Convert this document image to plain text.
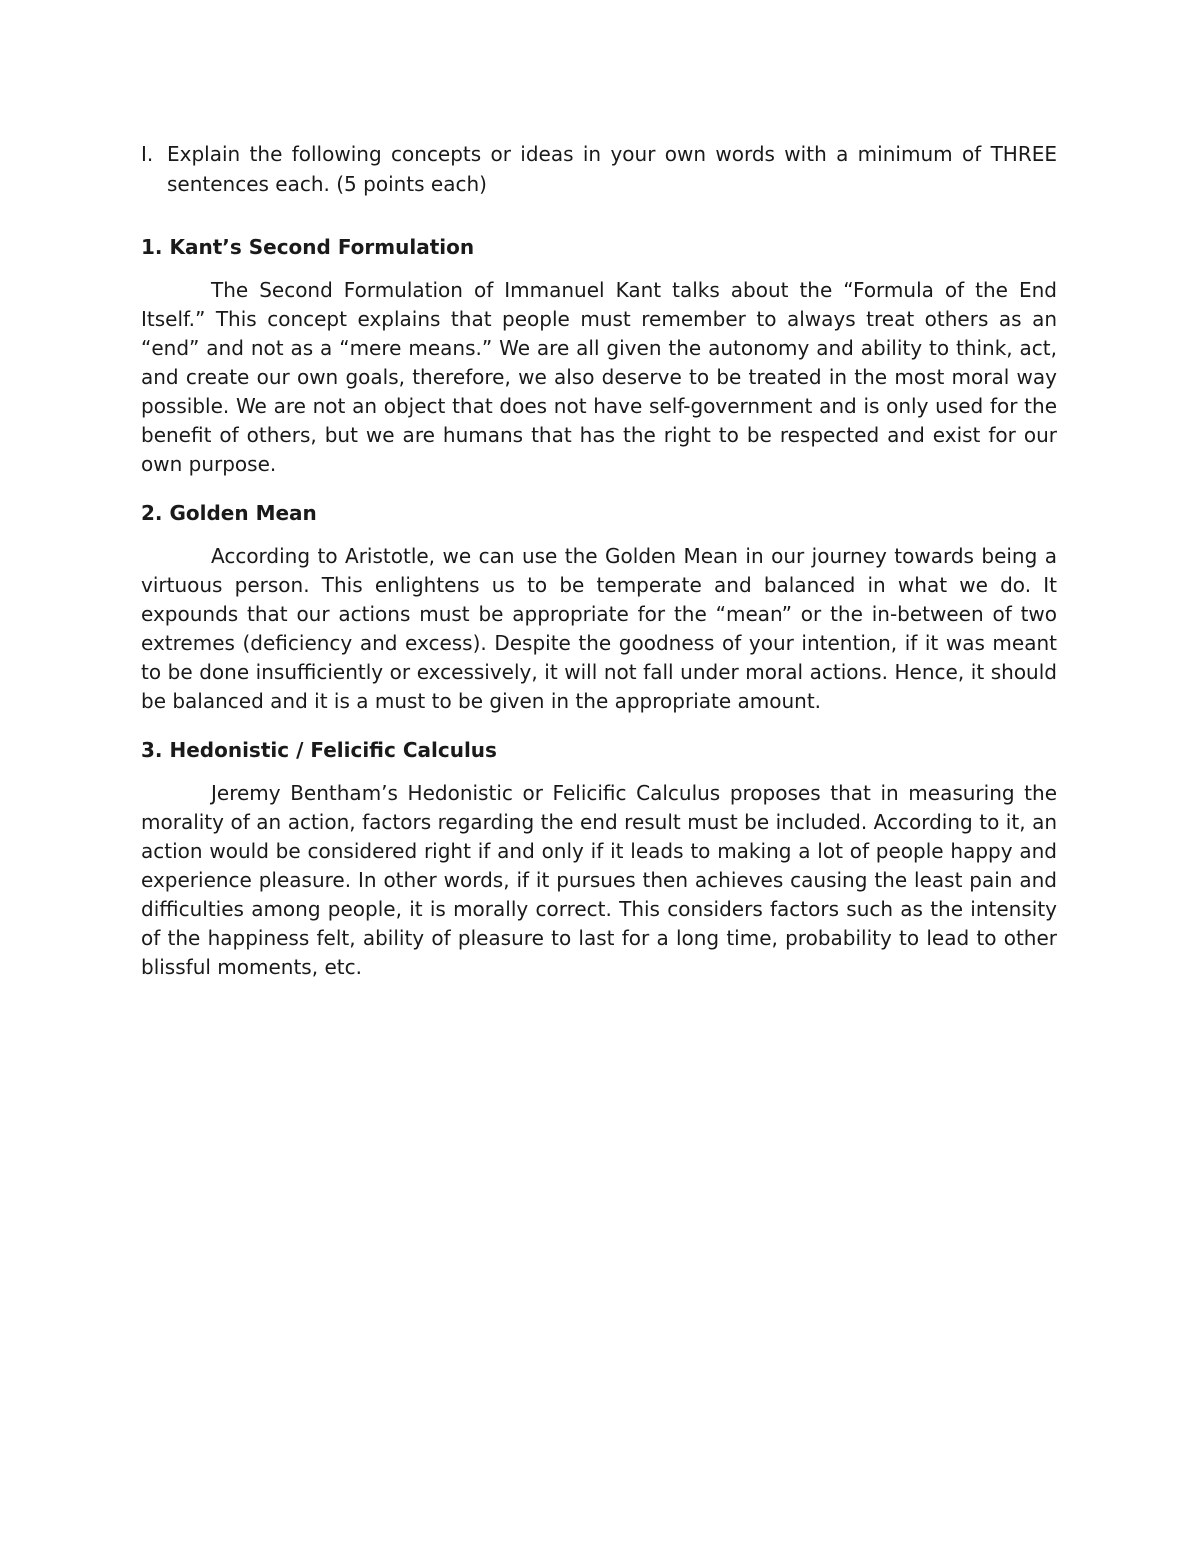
I. Explain the following concepts or ideas in your own words with a minimum of THREE sentences each. (5 points each)
1. Kant’s Second Formulation

The Second Formulation of Immanuel Kant talks about the “Formula of the End Itself.” This concept explains that people must remember to always treat others as an “end” and not as a “mere means.” We are all given the autonomy and ability to think, act, and create our own goals, therefore, we also deserve to be treated in the most moral way possible. We are not an object that does not have self-government and is only used for the benefit of others, but we are humans that has the right to be respected and exist for our own purpose.

2. Golden Mean

According to Aristotle, we can use the Golden Mean in our journey towards being a virtuous person. This enlightens us to be temperate and balanced in what we do. It expounds that our actions must be appropriate for the “mean” or the in-between of two extremes (deficiency and excess). Despite the goodness of your intention, if it was meant to be done insufficiently or excessively, it will not fall under moral actions. Hence, it should be balanced and it is a must to be given in the appropriate amount.

3. Hedonistic / Felicific Calculus

Jeremy Bentham’s Hedonistic or Felicific Calculus proposes that in measuring the morality of an action, factors regarding the end result must be included. According to it, an action would be considered right if and only if it leads to making a lot of people happy and experience pleasure. In other words, if it pursues then achieves causing the least pain and difficulties among people, it is morally correct. This considers factors such as the intensity of the happiness felt, ability of pleasure to last for a long time, probability to lead to other blissful moments, etc.
